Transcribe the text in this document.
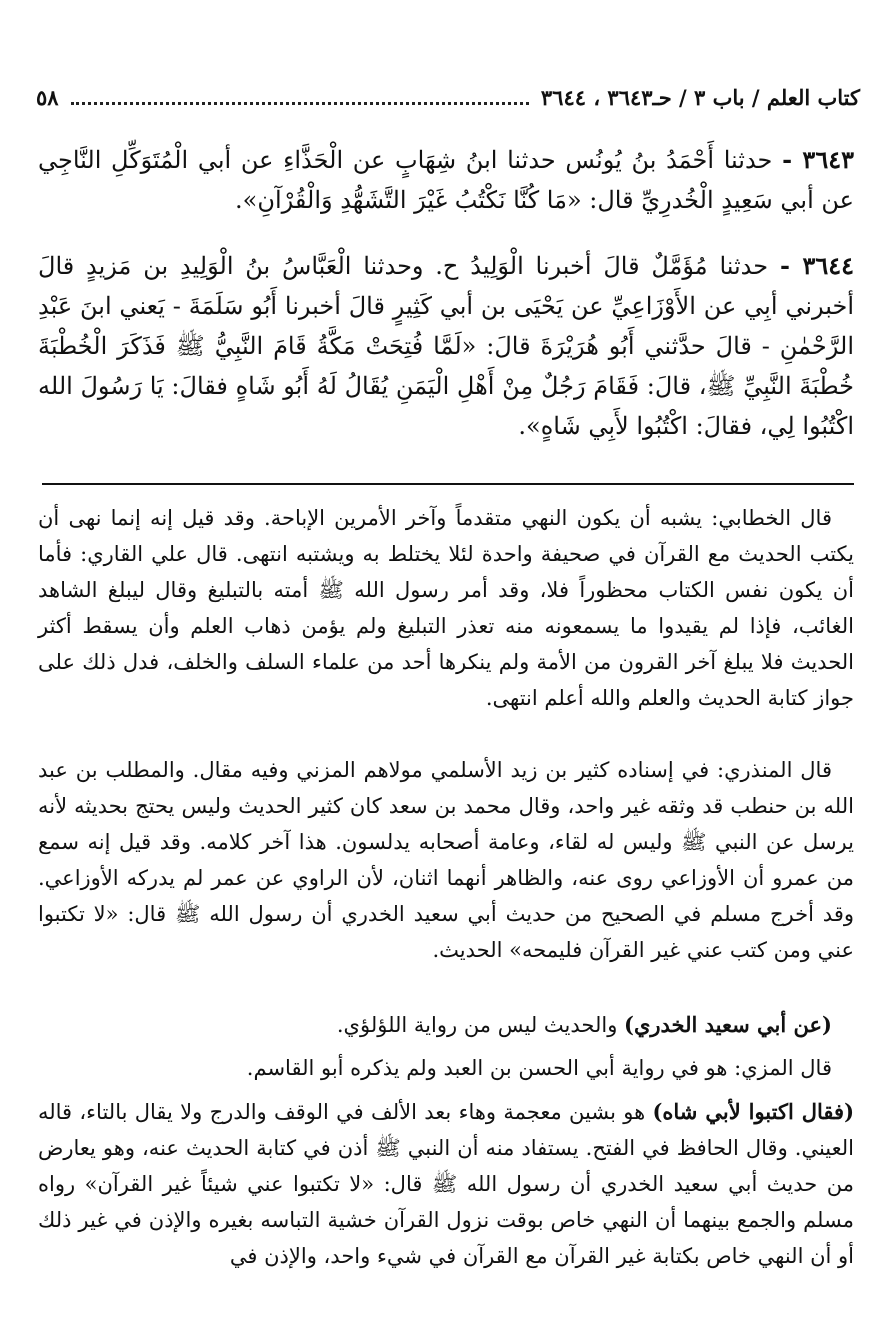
كتاب العلم / باب ٣ / حـ٣٦٤٣ ، ٣٦٤٤
٥٨
٣٦٤٣ - حدثنا أَحْمَدُ بنُ يُونُس حدثنا ابنُ شِهَابٍ عن الْحَذَّاءِ عن أبي الْمُتَوَكِّلِ النَّاجِي عن أبي سَعِيدٍ الْخُدرِيِّ قال: «مَا كُنَّا نَكْتُبُ غَيْرَ التَّشَهُّدِ وَالْقُرْآنِ».
٣٦٤٤ - حدثنا مُؤَمَّلٌ قالَ أخبرنا الْوَلِيدُ ح. وحدثنا الْعَبَّاسُ بنُ الْوَلِيدِ بن مَزيدٍ قالَ أخبرني أبِي عن الأَوْزَاعِيِّ عن يَحْيَى بن أبي كَثِيرٍ قالَ أخبرنا أَبُو سَلَمَةَ - يَعني ابنَ عَبْدِ الرَّحْمٰنِ - قالَ حدَّثني أَبُو هُرَيْرَةَ قالَ: «لَمَّا فُتِحَتْ مَكَّةُ قَامَ النَّبِيُّ ﷺ فَذَكَرَ الْخُطْبَةَ خُطْبَةَ النَّبِيِّ ﷺ، قالَ: فَقَامَ رَجُلٌ مِنْ أَهْلِ الْيَمَنِ يُقَالُ لَهُ أَبُو شَاهٍ فقالَ: يَا رَسُولَ الله اكْتُبُوا لِي، فقالَ: اكْتُبُوا لأَبِي شَاهٍ».

قال الخطابي: يشبه أن يكون النهي متقدماً وآخر الأمرين الإباحة. وقد قيل إنه إنما نهى أن يكتب الحديث مع القرآن في صحيفة واحدة لئلا يختلط به ويشتبه انتهى. قال علي القاري: فأما أن يكون نفس الكتاب محظوراً فلا، وقد أمر رسول الله ﷺ أمته بالتبليغ وقال ليبلغ الشاهد الغائب، فإذا لم يقيدوا ما يسمعونه منه تعذر التبليغ ولم يؤمن ذهاب العلم وأن يسقط أكثر الحديث فلا يبلغ آخر القرون من الأمة ولم ينكرها أحد من علماء السلف والخلف، فدل ذلك على جواز كتابة الحديث والعلم والله أعلم انتهى.

قال المنذري: في إسناده كثير بن زيد الأسلمي مولاهم المزني وفيه مقال. والمطلب بن عبد الله بن حنطب قد وثقه غير واحد، وقال محمد بن سعد كان كثير الحديث وليس يحتج بحديثه لأنه يرسل عن النبي ﷺ وليس له لقاء، وعامة أصحابه يدلسون. هذا آخر كلامه. وقد قيل إنه سمع من عمرو أن الأوزاعي روى عنه، والظاهر أنهما اثنان، لأن الراوي عن عمر لم يدركه الأوزاعي. وقد أخرج مسلم في الصحيح من حديث أبي سعيد الخدري أن رسول الله ﷺ قال: «لا تكتبوا عني ومن كتب عني غير القرآن فليمحه» الحديث.

(عن أبي سعيد الخدري) والحديث ليس من رواية اللؤلؤي.

قال المزي: هو في رواية أبي الحسن بن العبد ولم يذكره أبو القاسم.

(فقال اكتبوا لأبي شاه) هو بشين معجمة وهاء بعد الألف في الوقف والدرج ولا يقال بالتاء، قاله العيني. وقال الحافظ في الفتح. يستفاد منه أن النبي ﷺ أذن في كتابة الحديث عنه، وهو يعارض من حديث أبي سعيد الخدري أن رسول الله ﷺ قال: «لا تكتبوا عني شيئاً غير القرآن» رواه مسلم والجمع بينهما أن النهي خاص بوقت نزول القرآن خشية التباسه بغيره والإذن في غير ذلك أو أن النهي خاص بكتابة غير القرآن مع القرآن في شيء واحد، والإذن في
